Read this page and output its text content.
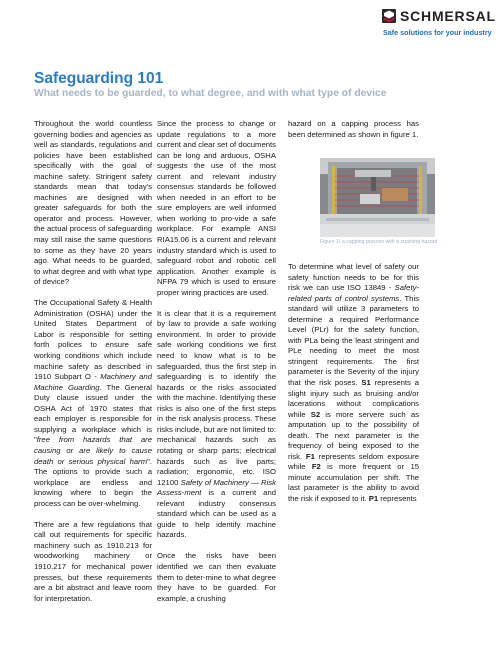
SCHMERSAL
Safe solutions for your industry
Safeguarding 101
What needs to be guarded, to what degree, and with what type of device

Throughout the world countless governing bodies and agencies as well as standards, regulations and policies have been established specifically with the goal of machine safety. Stringent safety standards mean that today's machines are designed with greater safeguards for both the operator and process. However, the actual process of safeguarding may still raise the same questions to some as they have 20 years ago. What needs to be guarded, to what degree and with what type of device?

The Occupational Safety & Health Administration (OSHA) under the United States Department of Labor is responsible for setting forth polices to ensure safe working conditions which include machine safety as described in 1910 Subpart O - Machinery and Machine Guarding. The General Duty clause issued under the OSHA Act of 1970 states that each employer is responsible for supplying a workplace which is "free from hazards that are causing or are likely to cause death or serious physical harm". The options to provide such a workplace are endless and knowing where to begin the process can be over-whelming.

There are a few regulations that call out requirements for specific machinery such as 1910.213 for woodworking machinery or 1910.217 for mechanical power presses, but these requirements are a bit abstract and leave room for interpretation.

Since the process to change or update regulations to a more current and clear set of documents can be long and arduous, OSHA suggests the use of the most current and relevant industry consensus standards be followed when needed in an effort to be sure employers are well informed when working to pro-vide a safe workplace. For example ANSI RIA15.06 is a current and relevant industry standard which is used to safeguard robot and robotic cell application. Another example is NFPA 79 which is used to ensure proper wiring practices are used.

It is clear that it is a requirement by law to provide a safe working environment. In order to provide safe working conditions we first need to know what is to be safeguarded, thus the first step in safeguarding is to identify the hazards or the risks associated with the machine. Identifying these risks is also one of the first steps in the risk analysis process. These risks include, but are not limited to: mechanical hazards such as rotating or sharp parts; electrical hazards such as live parts; radiation; ergonomic, etc. ISO 12100 Safety of Machinery — Risk Assess-ment is a current and relevant industry consensus standard which can be used as a guide to help identify machine hazards.

Once the risks have been identified we can then evaluate them to deter-mine to what degree they have to be guarded. For example, a crushing

hazard on a capping process has been determined as shown in figure 1.

Figure 1/ a capping process with a crushing hazard

To determine what level of safety our safety function needs to be for this risk we can use ISO 13849 - Safety-related parts of control systems. This standard will utilize 3 parameters to determine a required Performance Level (PLr) for the safety function, with PLa being the least stringent and PLe needing to meet the most stringent requirements. The first parameter is the Severity of the injury that the risk poses. S1 represents a slight injury such as bruising and/or lacerations without complications while S2 is more servere such as amputation up to the possibility of death. The next parameter is the frequency of being exposed to the risk. F1 represents seldom exposure while F2 is more frequent or 15 minute accumulation per shift. The last parameter is the ability to avoid the risk if exposed to it. P1 represents
